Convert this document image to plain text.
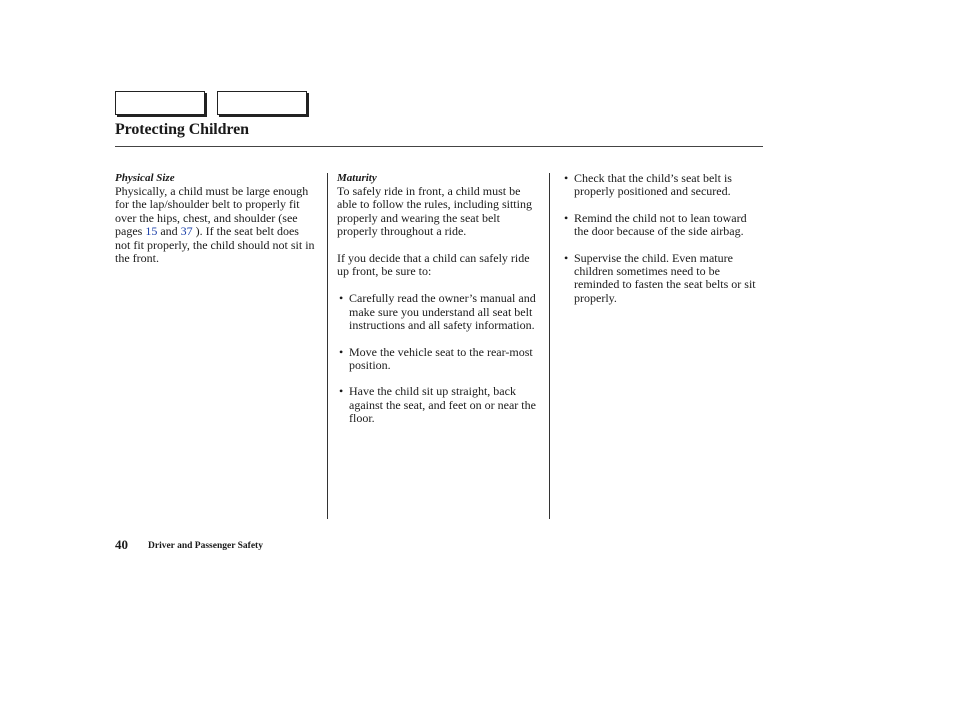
Protecting Children
Physical Size

Physically, a child must be large enough for the lap/shoulder belt to properly fit over the hips, chest, and shoulder (see pages 15 and 37 ). If the seat belt does not fit properly, the child should not sit in the front.

Maturity

To safely ride in front, a child must be able to follow the rules, including sitting properly and wearing the seat belt properly throughout a ride.

If you decide that a child can safely ride up front, be sure to:

• Carefully read the owner’s manual and make sure you understand all seat belt instructions and all safety information.
• Move the vehicle seat to the rear-most position.
• Have the child sit up straight, back against the seat, and feet on or near the floor.
• Check that the child’s seat belt is properly positioned and secured.
• Remind the child not to lean toward the door because of the side airbag.
• Supervise the child. Even mature children sometimes need to be reminded to fasten the seat belts or sit properly.
40 Driver and Passenger Safety
